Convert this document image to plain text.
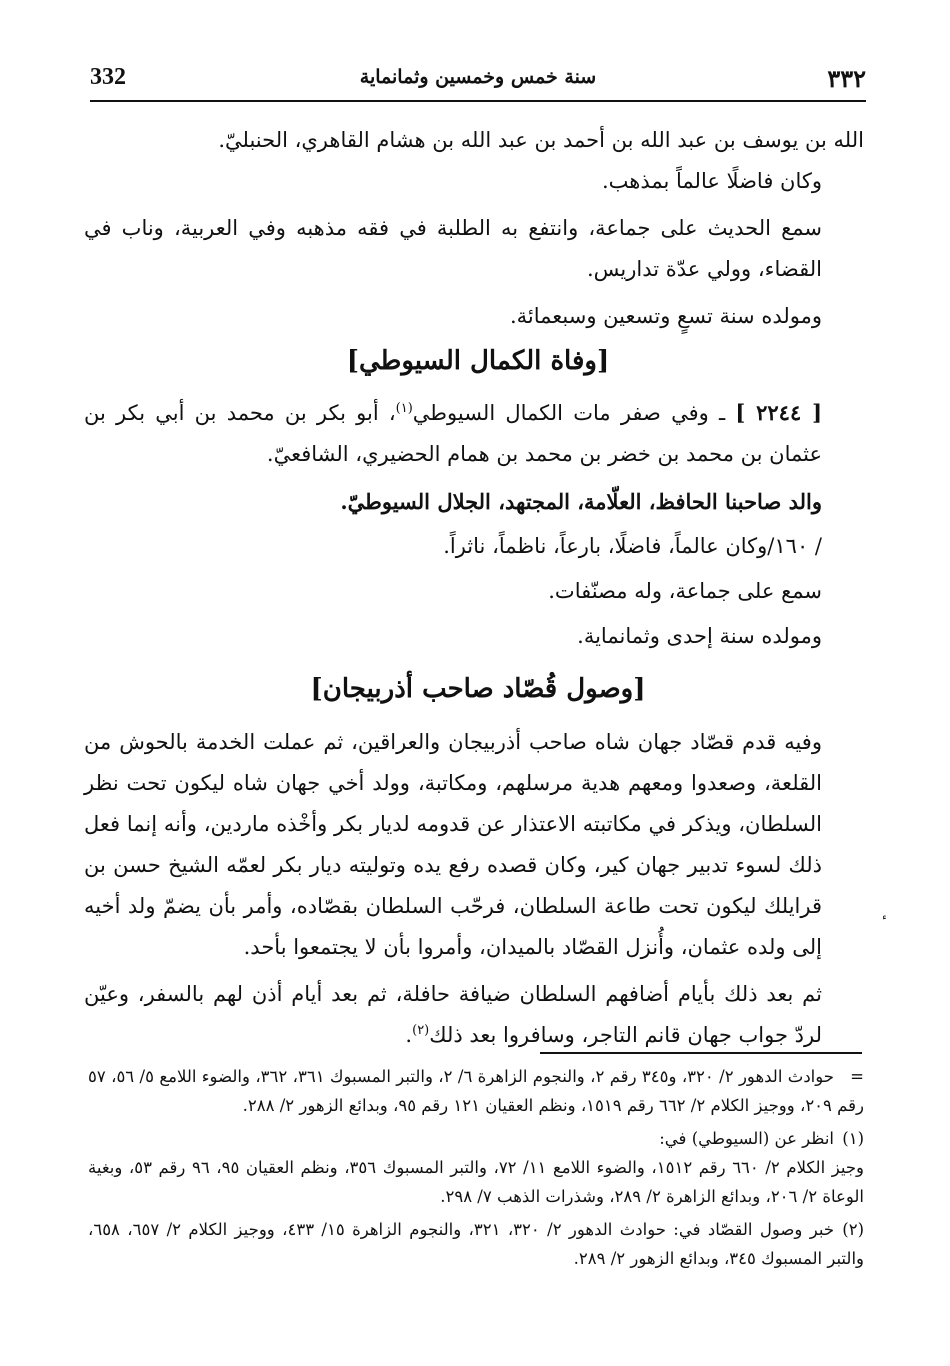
332	سنة خمس وخمسين وثمانماية	٣٣٢

الله بن يوسف بن عبد الله بن أحمد بن عبد الله بن هشام القاهري، الحنبليّ.

وكان فاضلًا عالماً بمذهب.

سمع الحديث على جماعة، وانتفع به الطلبة في فقه مذهبه وفي العربية، وناب في القضاء، وولي عدّة تداريس.

ومولده سنة تسعٍ وتسعين وسبعمائة.

[وفاة الكمال السيوطي]

[ ٢٢٤٤ ] ـ وفي صفر مات الكمال السيوطي$^{(١)}$، أبو بكر بن محمد بن أبي بكر بن عثمان بن محمد بن خضر بن محمد بن همام الحضيري، الشافعيّ.

والد صاحبنا الحافظ، العلّامة، المجتهد، الجلال السيوطيّ.

/ ١٦٠/وكان عالماً، فاضلًا، بارعاً، ناظماً، ناثراً.

سمع على جماعة، وله مصنّفات.

ومولده سنة إحدى وثمانماية.

[وصول قُصّاد صاحب أذربيجان]

وفيه قدم قصّاد جهان شاه صاحب أذربيجان والعراقين، ثم عملت الخدمة بالحوش من القلعة، وصعدوا ومعهم هدية مرسلهم، ومكاتبة، وولد أخي جهان شاه ليكون تحت نظر السلطان، ويذكر في مكاتبته الاعتذار عن قدومه لديار بكر وأخْذه ماردين، وأنه إنما فعل ذلك لسوء تدبير جهان كير، وكان قصده رفع يده وتوليته ديار بكر لعمّه الشيخ حسن بن قرايلك ليكون تحت طاعة السلطان، فرحّب السلطان بقصّاده، وأمر بأن يضمّ ولد أخيه إلى ولده عثمان، وأُنزل القصّاد بالميدان، وأمروا بأن لا يجتمعوا بأحد.

ثم بعد ذلك بأيام أضافهم السلطان ضيافة حافلة، ثم بعد أيام أذن لهم بالسفر، وعيّن لردّ جواب جهان قانم التاجر، وسافروا بعد ذلك$^{(٢)}$.

=حوادث الدهور ٢/ ٣٢٠، و٣٤٥ رقم ٢، والنجوم الزاهرة ٦/ ٢، والتبر المسبوك ٣٦١، ٣٦٢، والضوء اللامع ٥/ ٥٦، ٥٧ رقم ٢٠٩، ووجيز الكلام ٢/ ٦٦٢ رقم ١٥١٩، ونظم العقيان ١٢١ رقم ٩٥، وبدائع الزهور ٢/ ٢٨٨.

(١)انظر عن (السيوطي) في:

وجيز الكلام ٢/ ٦٦٠ رقم ١٥١٢، والضوء اللامع ١١/ ٧٢، والتبر المسبوك ٣٥٦، ونظم العقيان ٩٥، ٩٦ رقم ٥٣، وبغية الوعاة ٢/ ٢٠٦، وبدائع الزاهرة ٢/ ٢٨٩، وشذرات الذهب ٧/ ٢٩٨.

(٢)خبر وصول القصّاد في: حوادث الدهور ٢/ ٣٢٠، ٣٢١، والنجوم الزاهرة ١٥/ ٤٣٣، ووجيز الكلام ٢/ ٦٥٧، ٦٥٨، والتبر المسبوك ٣٤٥، وبدائع الزهور ٢/ ٢٨٩.
